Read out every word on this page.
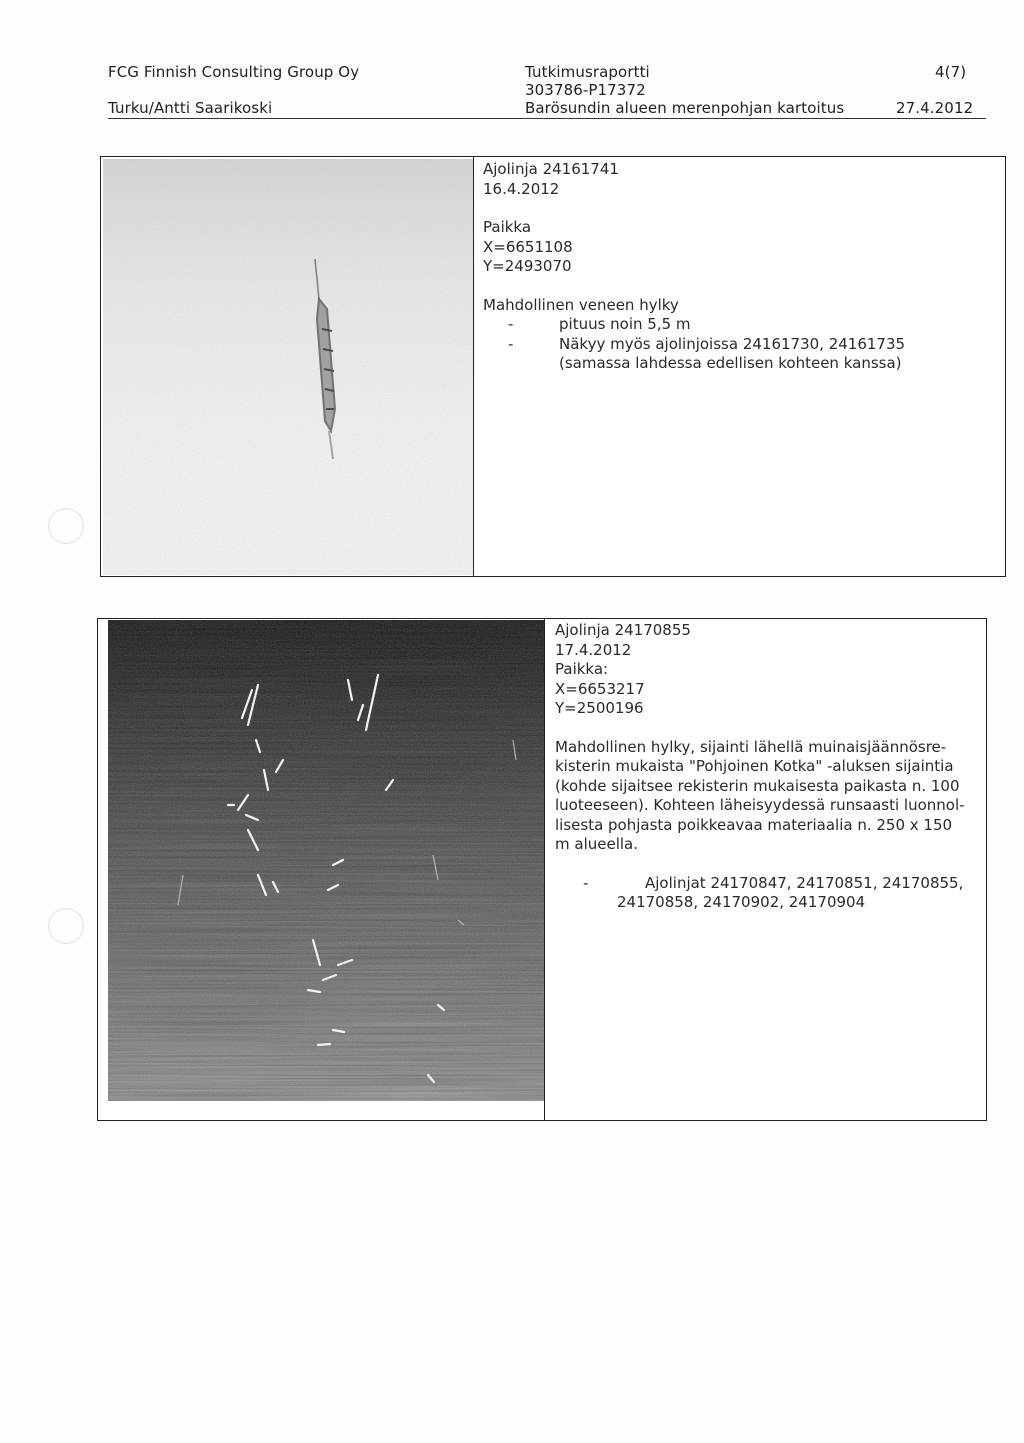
FCG Finnish Consulting Group Oy
Turku/Antti Saarikoski
Tutkimusraportti
303786-P17372
Barösundin alueen merenpohjan kartoitus
4(7)
27.4.2012
Ajolinja 24161741
16.4.2012
Paikka
X=6651108
Y=2493070
Mahdollinen veneen hylky
-	pituus noin 5,5 m
-	Näkyy myös ajolinjoissa 24161730, 24161735
(samassa lahdessa edellisen kohteen kanssa)
Ajolinja 24170855
17.4.2012
Paikka:
X=6653217
Y=2500196
Mahdollinen hylky, sijainti lähellä muinaisjäännösre-
kisterin mukaista "Pohjoinen Kotka" -aluksen sijaintia
(kohde sijaitsee rekisterin mukaisesta paikasta n. 100
luoteeseen). Kohteen läheisyydessä runsaasti luonnol-
lisesta pohjasta poikkeavaa materiaalia n. 250 x 150
m alueella.
-	Ajolinjat 24170847, 24170851, 24170855,
24170858, 24170902, 24170904
